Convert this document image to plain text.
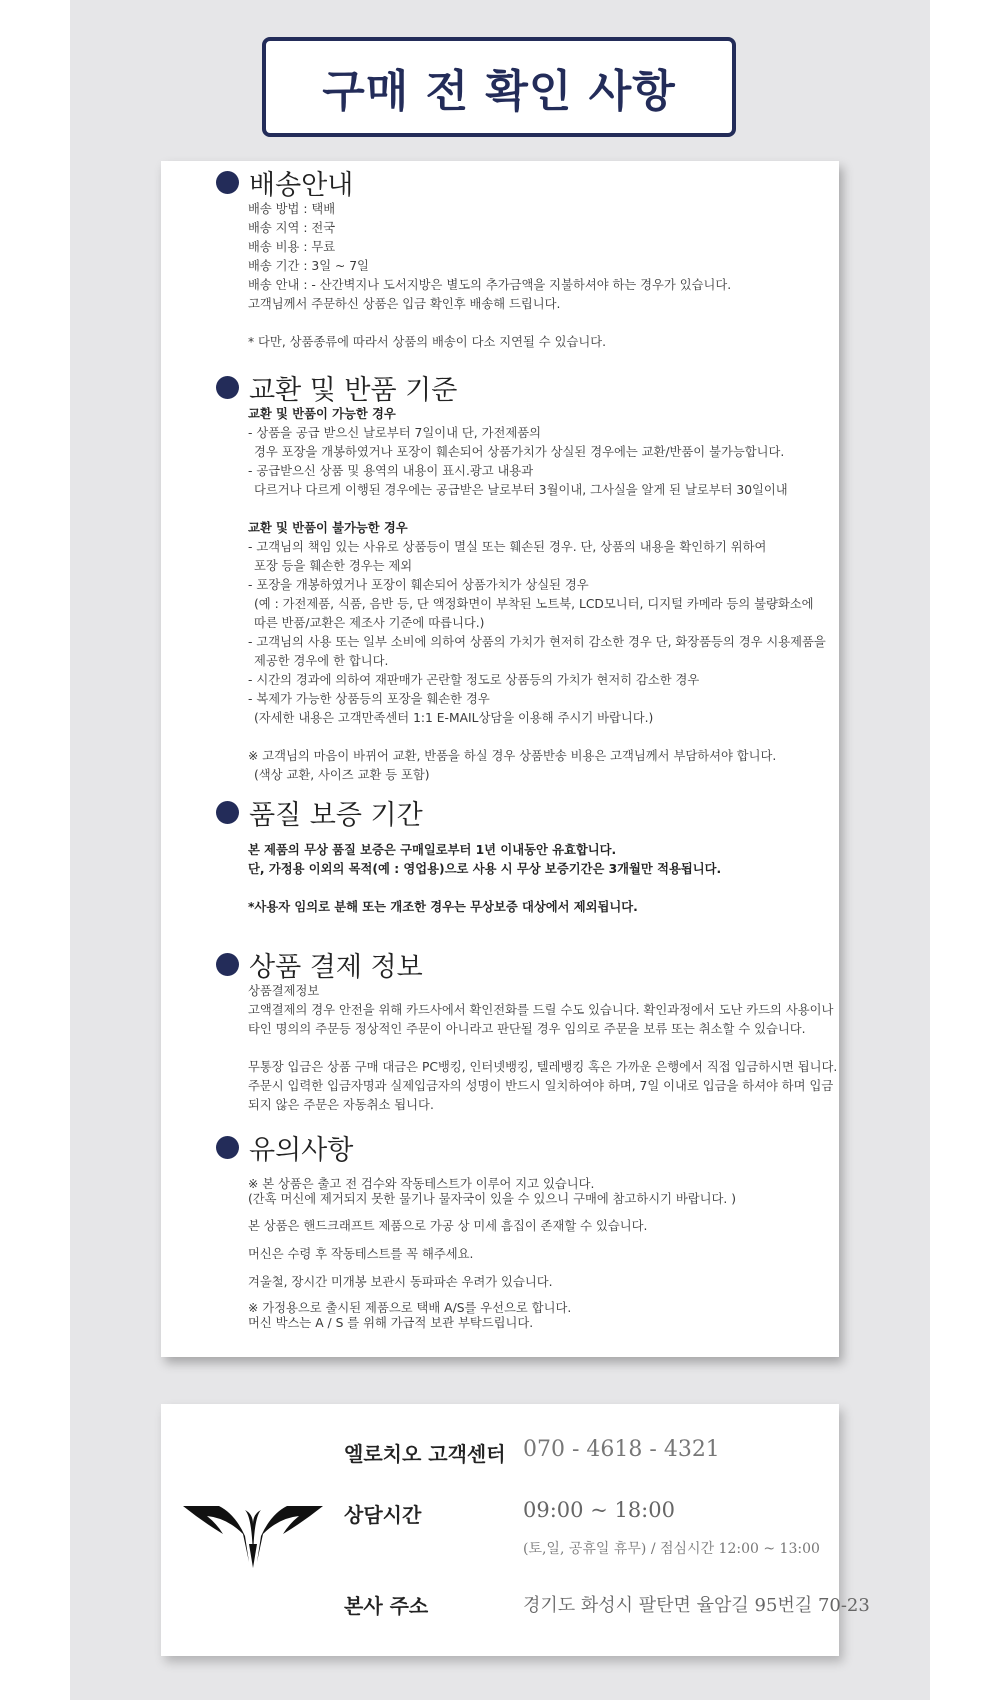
구매 전 확인 사항
배송안내
배송 방법 : 택배
배송 지역 : 전국
배송 비용 : 무료
배송 기간 : 3일 ~ 7일
배송 안내 : - 산간벽지나 도서지방은 별도의 추가금액을 지불하셔야 하는 경우가 있습니다.
고객님께서 주문하신 상품은 입금 확인후 배송해 드립니다.
* 다만, 상품종류에 따라서 상품의 배송이 다소 지연될 수 있습니다.
교환 및 반품 기준
교환 및 반품이 가능한 경우
- 상품을 공급 받으신 날로부터 7일이내 단, 가전제품의
경우 포장을 개봉하였거나 포장이 훼손되어 상품가치가 상실된 경우에는 교환/반품이 불가능합니다.
- 공급받으신 상품 및 용역의 내용이 표시.광고 내용과
다르거나 다르게 이행된 경우에는 공급받은 날로부터 3월이내, 그사실을 알게 된 날로부터 30일이내
교환 및 반품이 불가능한 경우
- 고객님의 책임 있는 사유로 상품등이 멸실 또는 훼손된 경우. 단, 상품의 내용을 확인하기 위하여
포장 등을 훼손한 경우는 제외
- 포장을 개봉하였거나 포장이 훼손되어 상품가치가 상실된 경우
(예 : 가전제품, 식품, 음반 등, 단 액정화면이 부착된 노트북, LCD모니터, 디지털 카메라 등의 불량화소에
따른 반품/교환은 제조사 기준에 따릅니다.)
- 고객님의 사용 또는 일부 소비에 의하여 상품의 가치가 현저히 감소한 경우 단, 화장품등의 경우 시용제품을
제공한 경우에 한 합니다.
- 시간의 경과에 의하여 재판매가 곤란할 정도로 상품등의 가치가 현저히 감소한 경우
- 복제가 가능한 상품등의 포장을 훼손한 경우
(자세한 내용은 고객만족센터 1:1 E-MAIL상담을 이용해 주시기 바랍니다.)
※ 고객님의 마음이 바뀌어 교환, 반품을 하실 경우 상품반송 비용은 고객님께서 부담하셔야 합니다.
(색상 교환, 사이즈 교환 등 포함)
품질 보증 기간
본 제품의 무상 품질 보증은 구매일로부터 1년 이내동안 유효합니다.
단, 가정용 이외의 목적(예 : 영업용)으로 사용 시 무상 보증기간은 3개월만 적용됩니다.
*사용자 임의로 분해 또는 개조한 경우는 무상보증 대상에서 제외됩니다.
상품 결제 정보
상품결제정보
고액결제의 경우 안전을 위해 카드사에서 확인전화를 드릴 수도 있습니다. 확인과정에서 도난 카드의 사용이나
타인 명의의 주문등 정상적인 주문이 아니라고 판단될 경우 임의로 주문을 보류 또는 취소할 수 있습니다.
무통장 입금은 상품 구매 대금은 PC뱅킹, 인터넷뱅킹, 텔레뱅킹 혹은 가까운 은행에서 직접 입금하시면 됩니다.
주문시 입력한 입금자명과 실제입금자의 성명이 반드시 일치하여야 하며, 7일 이내로 입금을 하셔야 하며 입금
되지 않은 주문은 자동취소 됩니다.
유의사항
※ 본 상품은 출고 전 검수와 작동테스트가 이루어 지고 있습니다.
(간혹 머신에 제거되지 못한 물기나 물자국이 있을 수 있으니 구매에 참고하시기 바랍니다. )
본 상품은 핸드크래프트 제품으로 가공 상 미세 흠집이 존재할 수 있습니다.
머신은 수령 후 작동테스트를 꼭 해주세요.
겨울철, 장시간 미개봉 보관시 동파파손 우려가 있습니다.
※ 가정용으로 출시된 제품으로 택배 A/S를 우선으로 합니다.
머신 박스는 A / S 를 위해 가급적 보관 부탁드립니다.
엘로치오 고객센터 070 - 4618 - 4321
상담시간	09:00 ~ 18:00
(토,일, 공휴일 휴무) / 점심시간 12:00 ~ 13:00
본사 주소	경기도 화성시 팔탄면 율암길 95번길 70-23
